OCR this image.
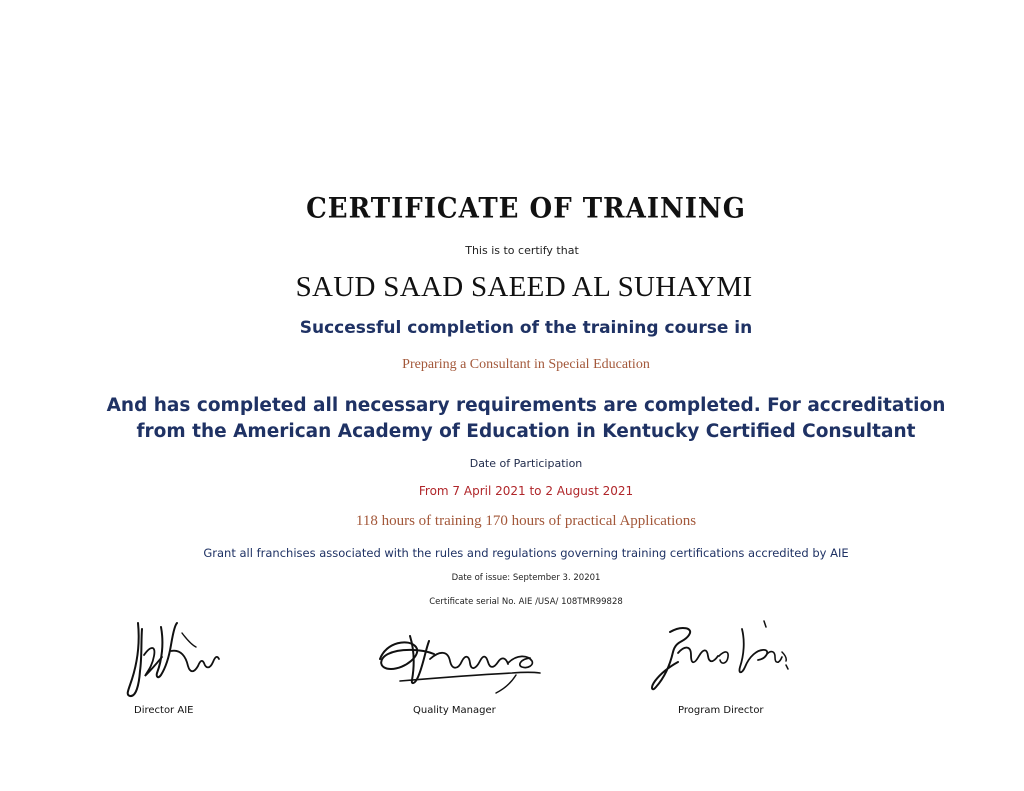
CERTIFICATE OF TRAINING
This is to certify that
SAUD SAAD SAEED AL SUHAYMI
Successful completion of the training course in
Preparing a Consultant in Special Education
And has completed all necessary requirements are completed. For accreditation
from the American Academy of Education in Kentucky Certified Consultant
Date of Participation
From 7 April 2021 to 2 August 2021
118 hours of training 170 hours of practical Applications
Grant all franchises associated with the rules and regulations governing training certifications accredited by AIE
Date of issue: September 3. 20201
Certificate serial No. AIE /USA/ 108TMR99828
Director AIE	Quality Manager	Program Director
